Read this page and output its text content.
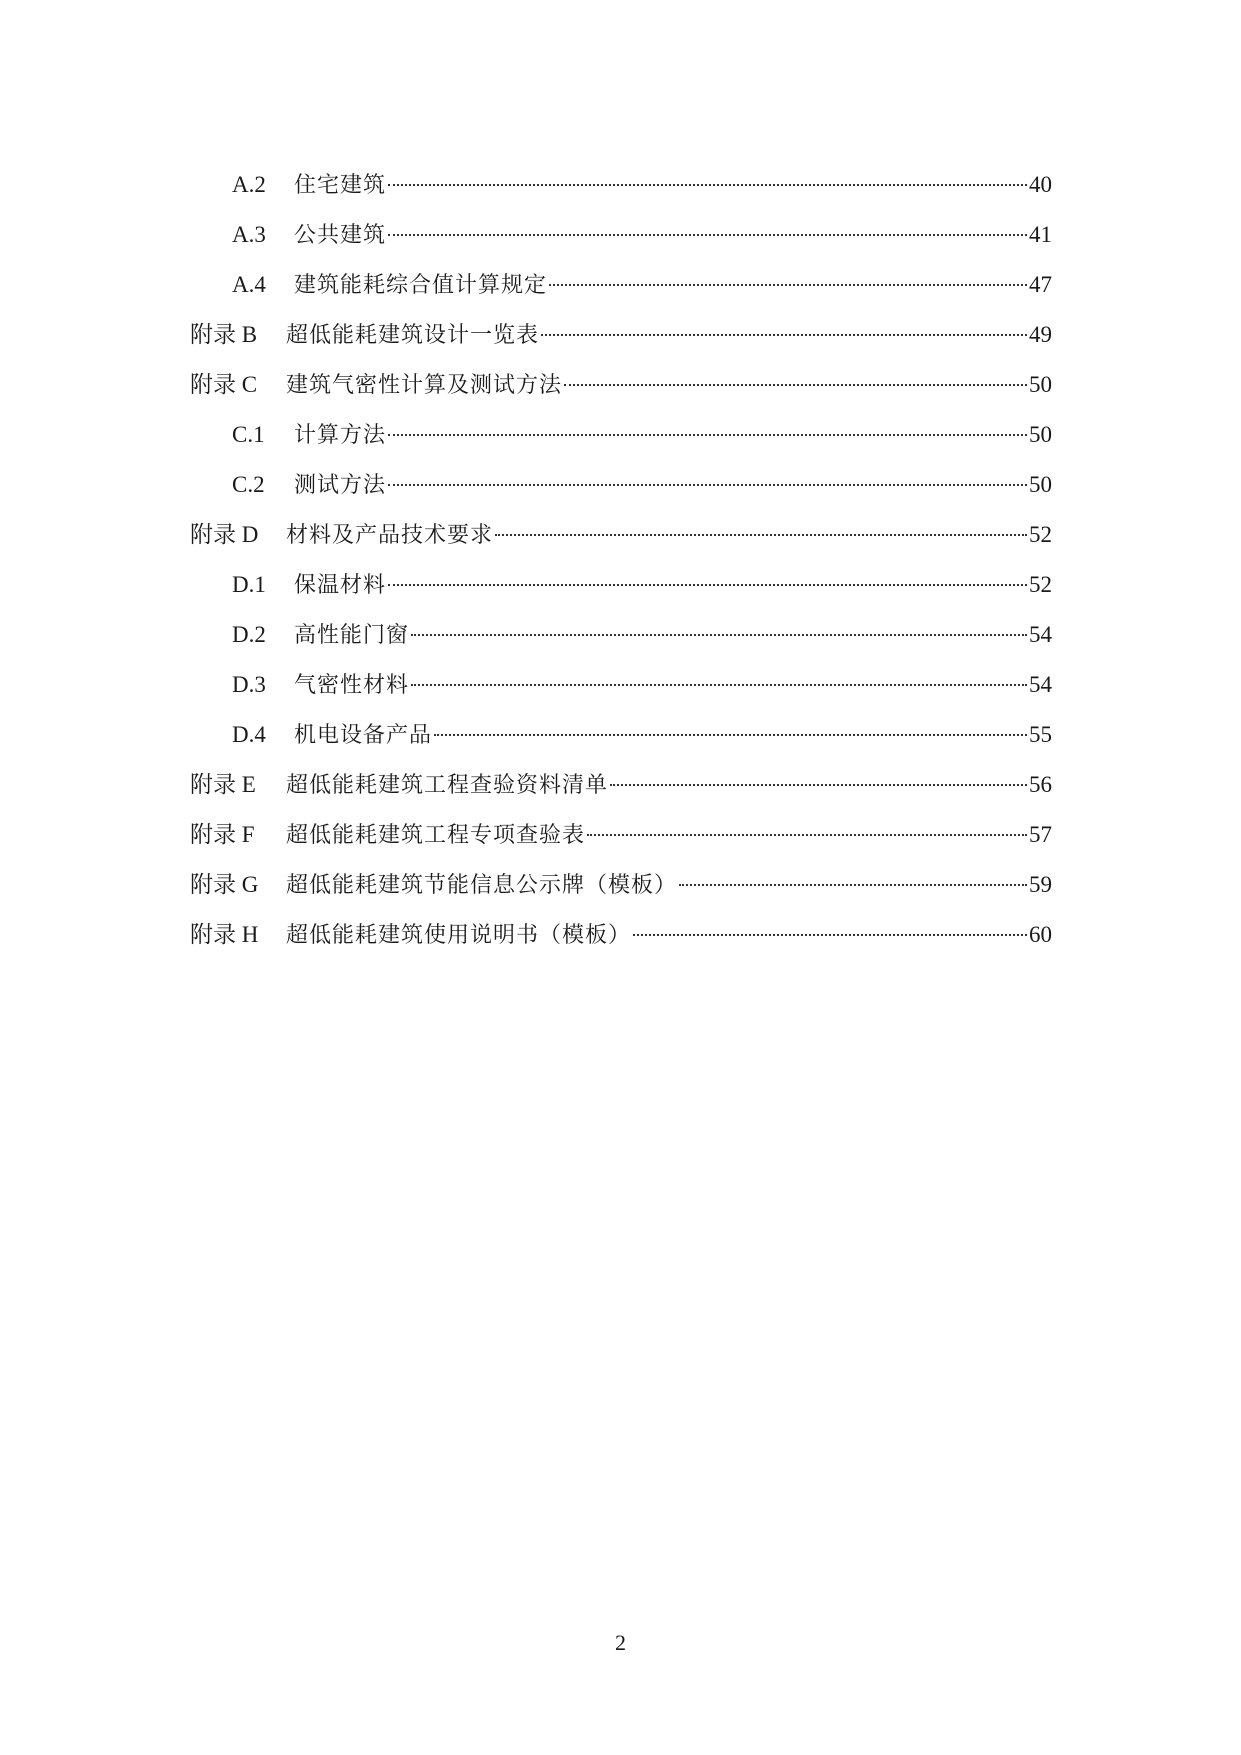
A.2	住宅建筑	40
A.3	公共建筑	41
A.4	建筑能耗综合值计算规定	47
附录 B	超低能耗建筑设计一览表	49
附录 C	建筑气密性计算及测试方法	50
C.1	计算方法	50
C.2	测试方法	50
附录 D	材料及产品技术要求	52
D.1	保温材料	52
D.2	高性能门窗	54
D.3	气密性材料	54
D.4	机电设备产品	55
附录 E	超低能耗建筑工程查验资料清单	56
附录 F	超低能耗建筑工程专项查验表	57
附录 G	超低能耗建筑节能信息公示牌（模板）	59
附录 H	超低能耗建筑使用说明书（模板）	60
2
